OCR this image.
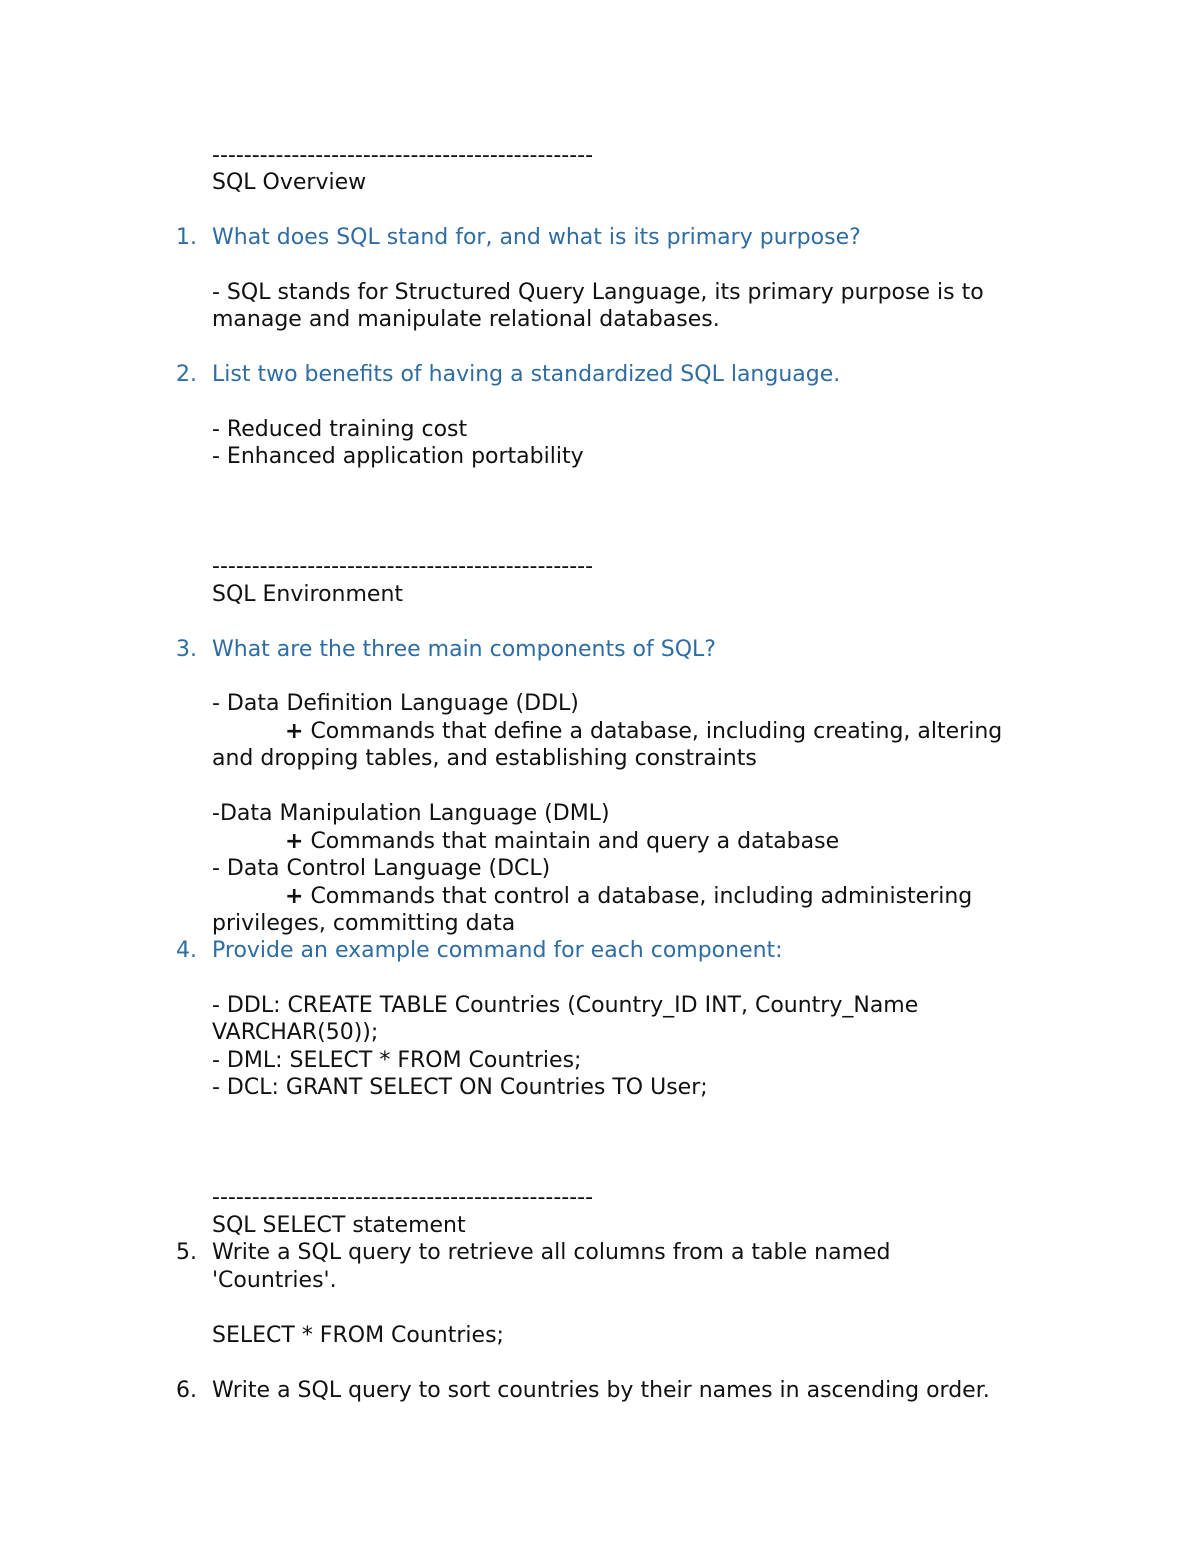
------------------------------------------------
SQL Overview
1. What does SQL stand for, and what is its primary purpose?
- SQL stands for Structured Query Language, its primary purpose is to
manage and manipulate relational databases.
2. List two benefits of having a standardized SQL language.
- Reduced training cost
- Enhanced application portability
------------------------------------------------
SQL Environment
3. What are the three main components of SQL?
- Data Definition Language (DDL)
+ Commands that define a database, including creating, altering
and dropping tables, and establishing constraints
-Data Manipulation Language (DML)
+ Commands that maintain and query a database
- Data Control Language (DCL)
+ Commands that control a database, including administering
privileges, committing data
4. Provide an example command for each component:
- DDL: CREATE TABLE Countries (Country_ID INT, Country_Name
VARCHAR(50));
- DML: SELECT * FROM Countries;
- DCL: GRANT SELECT ON Countries TO User;
------------------------------------------------
SQL SELECT statement
5. Write a SQL query to retrieve all columns from a table named
'Countries'.
SELECT * FROM Countries;
6. Write a SQL query to sort countries by their names in ascending order.
